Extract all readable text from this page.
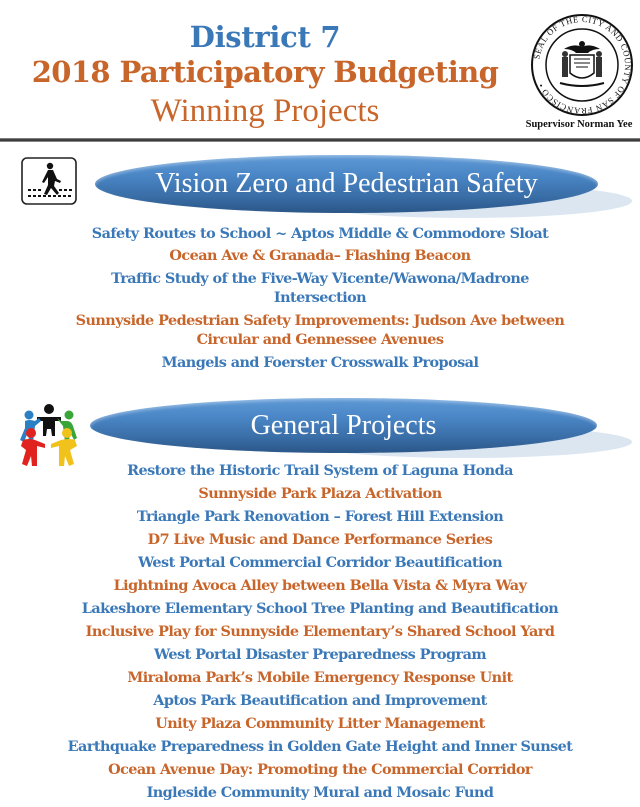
District 7
2018 Participatory Budgeting
Winning Projects
SEAL OF THE CITY AND COUNTY OF SAN FRANCISCO •
Supervisor Norman Yee
Vision Zero and Pedestrian Safety
Safety Routes to School ~ Aptos Middle & Commodore Sloat
Ocean Ave & Granada– Flashing Beacon
Traffic Study of the Five-Way Vicente/Wawona/Madrone
Intersection
Sunnyside Pedestrian Safety Improvements: Judson Ave between
Circular and Gennessee Avenues
Mangels and Foerster Crosswalk Proposal
General Projects
Restore the Historic Trail System of Laguna Honda
Sunnyside Park Plaza Activation
Triangle Park Renovation – Forest Hill Extension
D7 Live Music and Dance Performance Series
West Portal Commercial Corridor Beautification
Lightning Avoca Alley between Bella Vista & Myra Way
Lakeshore Elementary School Tree Planting and Beautification
Inclusive Play for Sunnyside Elementary’s Shared School Yard
West Portal Disaster Preparedness Program
Miraloma Park’s Mobile Emergency Response Unit
Aptos Park Beautification and Improvement
Unity Plaza Community Litter Management
Earthquake Preparedness in Golden Gate Height and Inner Sunset
Ocean Avenue Day: Promoting the Commercial Corridor
Ingleside Community Mural and Mosaic Fund
